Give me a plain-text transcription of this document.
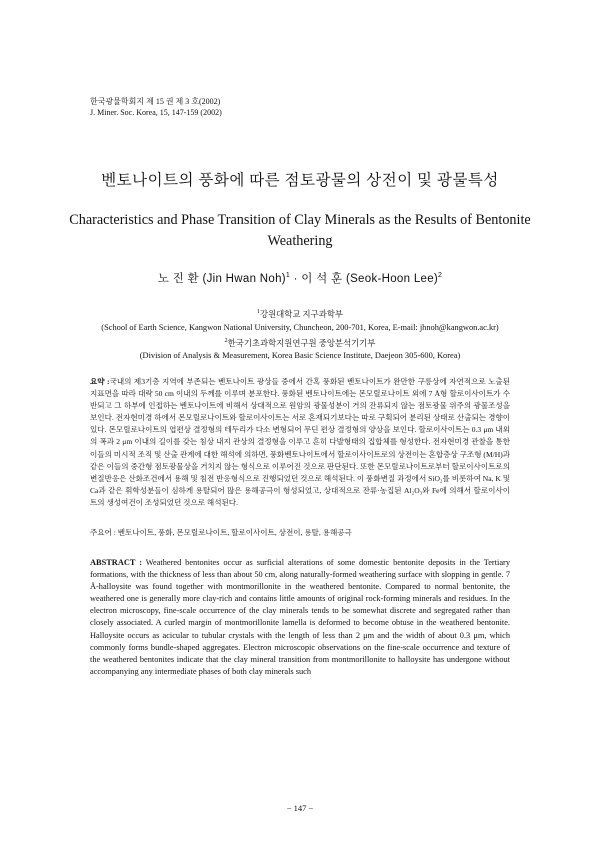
한국광물학회지 제 15 권 제 3 호(2002)
J. Miner. Soc. Korea, 15, 147-159 (2002)
벤토나이트의 풍화에 따른 점토광물의 상전이 및 광물특성
Characteristics and Phase Transition of Clay Minerals as the Results of Bentonite Weathering
노 진 환 (Jin Hwan Noh)$^1$ · 이 석 훈 (Seok-Hoon Lee)$^2$
$^1$강원대학교 지구과학부
(School of Earth Science, Kangwon National University, Chuncheon, 200-701, Korea, E-mail: jhnoh@kangwon.ac.kr)
$^2$한국기초과학지원연구원 중앙분석기기부
(Division of Analysis & Measurement, Korea Basic Science Institute, Daejeon 305-600, Korea)
요약 :국내의 제3기층 지역에 부존되는 벤토나이트 광상들 중에서 간혹 풍화된 벤토나이트가 완만한 구릉상에 자연적으로 노출된 지표면을 따라 대략 50 cm 이내의 두께를 이루며 분포한다. 풍화된 벤토나이트에는 몬모릴로나이트 외에 7 Å형 할로이사이트가 수반되고 그 하부에 인접하는 벤토나이트에 비해서 상대적으로 원암의 광물성분이 거의 잔류되지 않는 점토광물 위주의 광물조성을 보인다. 전자현미경 하에서 몬모릴로나이트와 할로이사이트는 서로 혼재되기보다는 따로 구획되어 분리된 상태로 산출되는 경향이 있다. 몬모릴로나이트의 엽편상 결정형의 테두리가 다소 변형되어 무딘 편상 결정형의 양상을 보인다. 할로이사이트는 0.3 μm 내외의 폭과 2 μm 이내의 길이를 갖는 침상 내지 관상의 결정형을 이루고 흔히 다발형태의 집합체를 형성한다. 전자현미경 관찰을 통한 이들의 미시적 조직 및 산출 관계에 대한 해석에 의하면, 풍화벤토나이트에서 할로이사이트로의 상전이는 혼합층상 구조형 (M/H)과 같은 이들의 중간형 점토광물상을 거치지 않는 형식으로 이루어진 것으로 판단된다. 또한 몬모릴로나이트로부터 할로이사이트로의 변질반응은 산화조건에서 용해 및 침전 반응형식으로 진행되었던 것으로 해석된다. 이 풍화변질 과정에서 SiO₂를 비롯하여 Na, K 및 Ca과 같은 휘학성분들이 심하게 용탈되어 많은 용해공극이 형성되었고, 상대적으로 잔류·농집된 Al₂O₃와 Fe에 의해서 할로이사이트의 생성여건이 조성되었던 것으로 해석된다.
주요어 : 벤토나이트, 풍화, 몬모릴로나이트, 할로이사이트, 상전이, 용탈, 용해공극
ABSTRACT : Weathered bentonites occur as surficial alterations of some domestic bentonite deposits in the Tertiary formations, with the thickness of less than about 50 cm, along naturally-formed weathering surface with slopping in gentle. 7 Å-halloysite was found together with montmorillonite in the weathered bentonite. Compared to normal bentonite, the weathered one is generally more clay-rich and contains little amounts of original rock-forming minerals and residues. In the electron microscopy, fine-scale occurrence of the clay minerals tends to be somewhat discrete and segregated rather than closely associated. A curled margin of montmorillonite lamella is deformed to become obtuse in the weathered bentonite. Halloysite occurs as acicular to tubular crystals with the length of less than 2 μm and the width of about 0.3 μm, which commonly forms bundle-shaped aggregates. Electron microscopic observations on the fine-scale occurrence and texture of the weathered bentonites indicate that the clay mineral transition from montmorillonite to halloysite has undergone without accompanying any intermediate phases of both clay minerals such
− 147 −
